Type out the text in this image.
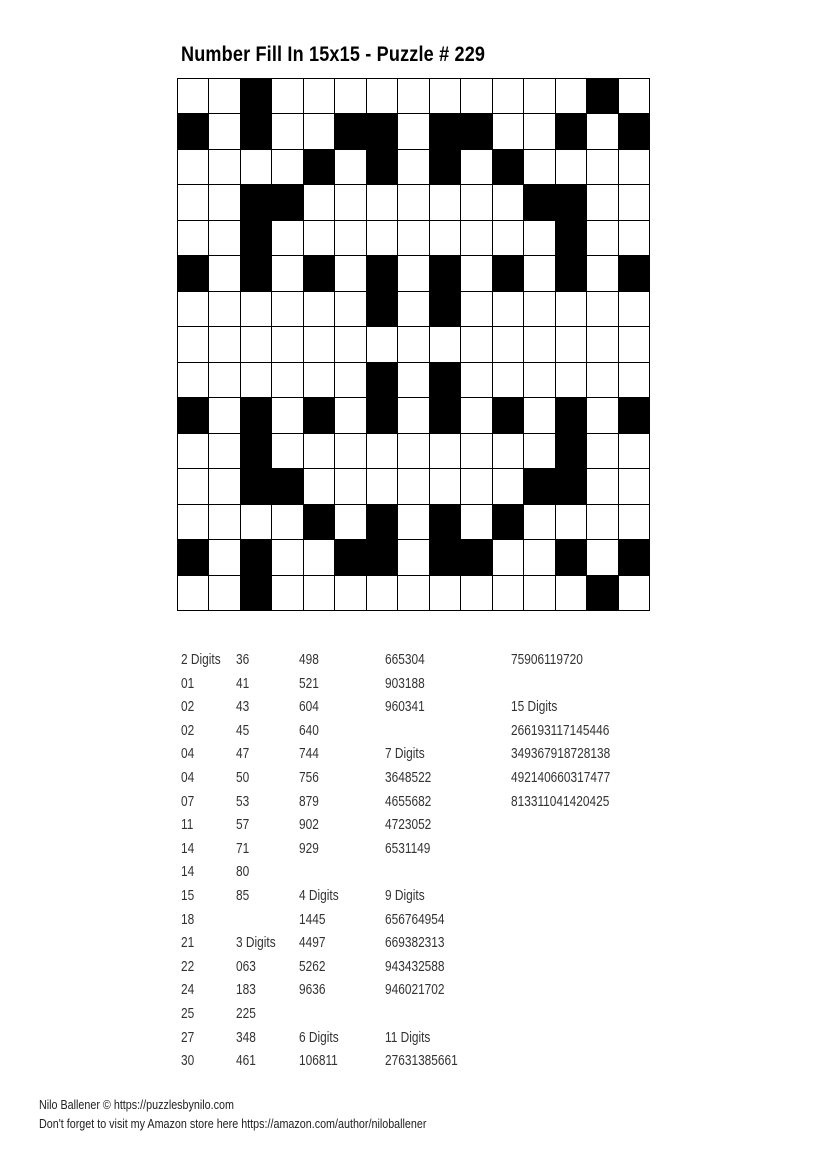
Number Fill In 15x15 - Puzzle # 229
2 Digits
01
02
02
04
04
07
11
14
14
15
18
21
22
24
25
27
30
36
41
43
45
47
50
53
57
71
80
85
3 Digits
063
183
225
348
461
498
521
604
640
744
756
879
902
929
4 Digits
1445
4497
5262
9636
6 Digits
106811
665304
903188
960341
7 Digits
3648522
4655682
4723052
6531149
9 Digits
656764954
669382313
943432588
946021702
11 Digits
27631385661
75906119720
15 Digits
266193117145446
349367918728138
492140660317477
813311041420425
Nilo Ballener © https://puzzlesbynilo.com
Don't forget to visit my Amazon store here https://amazon.com/author/niloballener
